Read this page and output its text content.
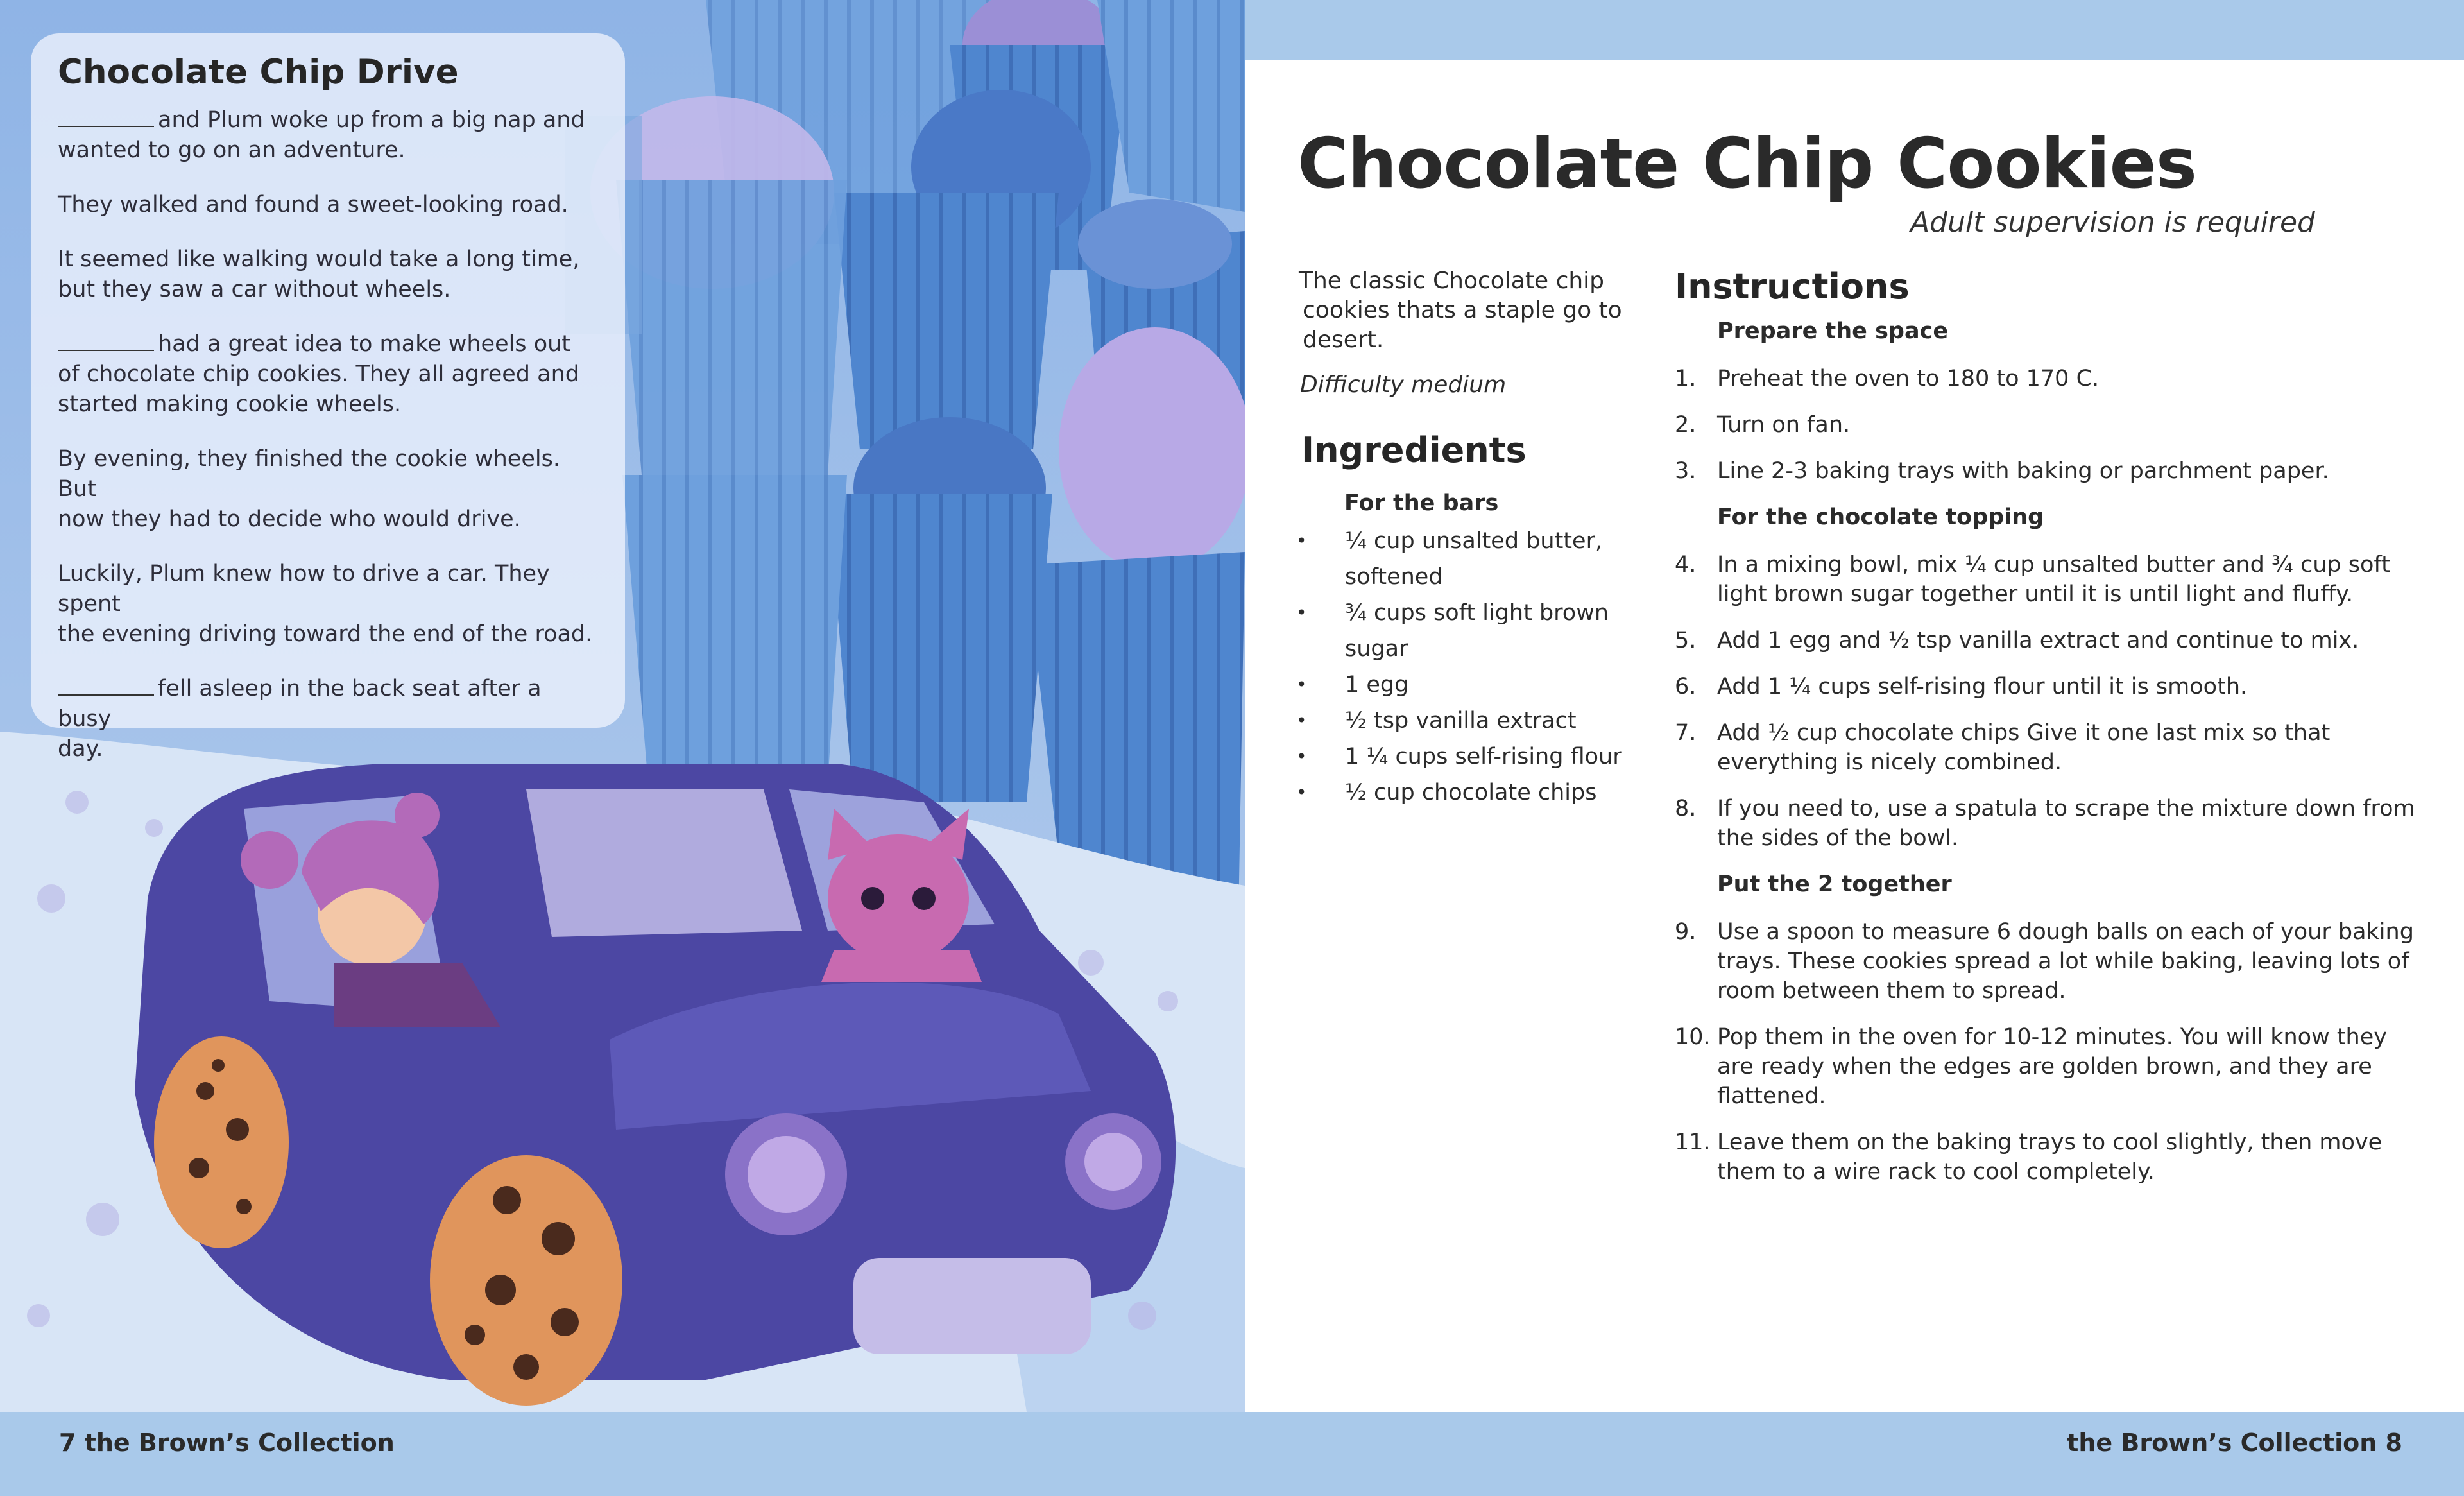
Chocolate Chip Drive
and Plum woke up from a big nap and
wanted to go on an adventure.
They walked and found a sweet-looking road.
It seemed like walking would take a long time,
but they saw a car without wheels.
had a great idea to make wheels out
of chocolate chip cookies. They all agreed and
started making cookie wheels.
By evening, they finished the cookie wheels. But
now they had to decide who would drive.
Luckily, Plum knew how to drive a car. They spent
the evening driving toward the end of the road.
fell asleep in the back seat after a busy
day.
Chocolate Chip Cookies

Adult supervision is required

The classic Chocolate chip
cookies thats a staple go to
desert.

Difficulty medium

Ingredients

For the bars

• ¼ cup unsalted butter,
softened
• ¾ cups soft light brown sugar
• 1 egg
• ½ tsp vanilla extract
• 1 ¼ cups self-rising flour
• ½ cup chocolate chips
Instructions
Prepare the space
1. Preheat the oven to 180 to 170 C.
2. Turn on fan.
3. Line 2-3 baking trays with baking or parchment paper.
For the chocolate topping
4. In a mixing bowl, mix ¼ cup unsalted butter and ¾ cup soft
light brown sugar together until it is until light and fluffy.
5. Add 1 egg and ½ tsp vanilla extract and continue to mix.
6. Add 1 ¼ cups self-rising flour until it is smooth.
7. Add ½ cup chocolate chips Give it one last mix so that
everything is nicely combined.
8. If you need to, use a spatula to scrape the mixture down from
the sides of the bowl.
Put the 2 together
9. Use a spoon to measure 6 dough balls on each of your baking
trays. These cookies spread a lot while baking, leaving lots of
room between them to spread.
10. Pop them in the oven for 10-12 minutes. You will know they
are ready when the edges are golden brown, and they are
flattened.
11. Leave them on the baking trays to cool slightly, then move
them to a wire rack to cool completely.

7 the Brown’s Collection	the Brown’s Collection 8
